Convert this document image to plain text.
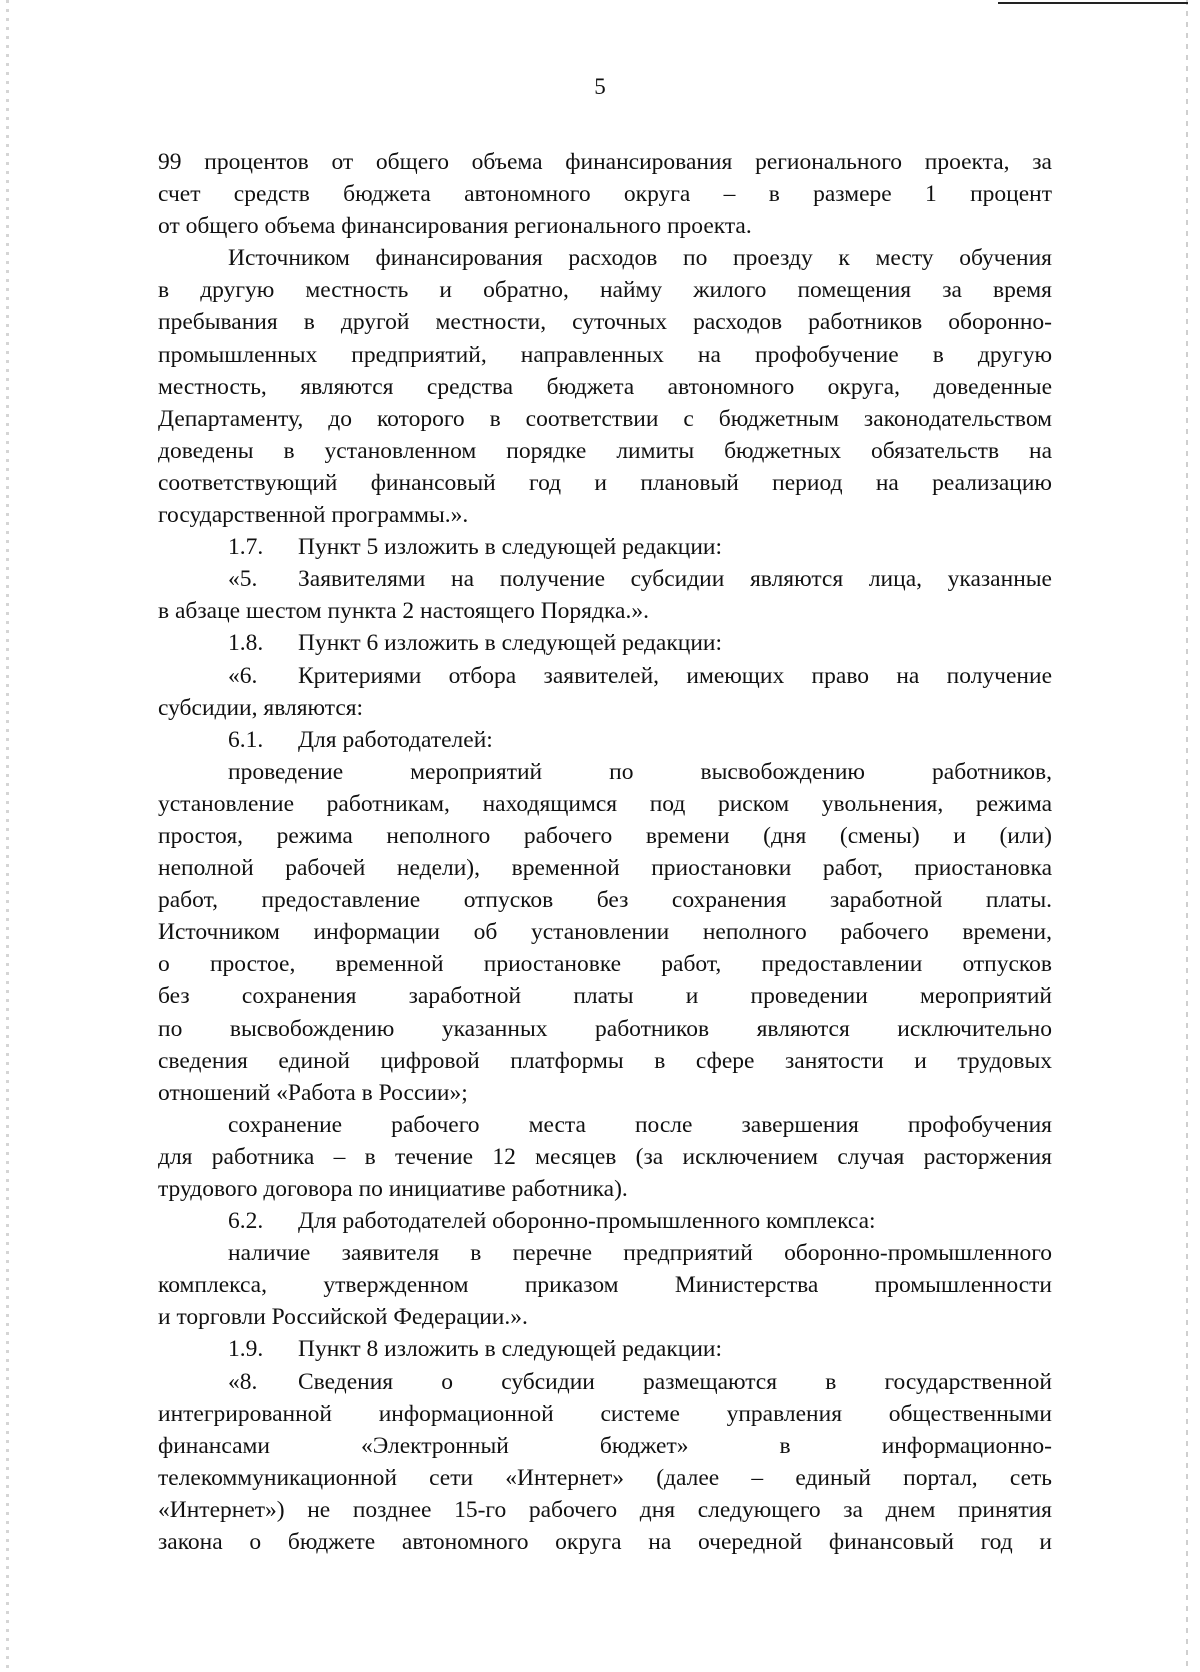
5
99 процентов от общего объема финансирования регионального проекта, за
счет средств бюджета автономного округа – в размере 1 процент
от общего объема финансирования регионального проекта.
Источником финансирования расходов по проезду к месту обучения
в другую местность и обратно, найму жилого помещения за время
пребывания в другой местности, суточных расходов работников оборонно-
промышленных предприятий, направленных на профобучение в другую
местность, являются средства бюджета автономного округа, доведенные
Департаменту, до которого в соответствии с бюджетным законодательством
доведены в установленном порядке лимиты бюджетных обязательств на
соответствующий финансовый год и плановый период на реализацию
государственной программы.».
1.7. Пункт 5 изложить в следующей редакции:
«5. Заявителями на получение субсидии являются лица, указанные
в абзаце шестом пункта 2 настоящего Порядка.».
1.8. Пункт 6 изложить в следующей редакции:
«6. Критериями отбора заявителей, имеющих право на получение
субсидии, являются:
6.1. Для работодателей:
проведение мероприятий по высвобождению работников,
установление работникам, находящимся под риском увольнения, режима
простоя, режима неполного рабочего времени (дня (смены) и (или)
неполной рабочей недели), временной приостановки работ, приостановка
работ, предоставление отпусков без сохранения заработной платы.
Источником информации об установлении неполного рабочего времени,
о простое, временной приостановке работ, предоставлении отпусков
без сохранения заработной платы и проведении мероприятий
по высвобождению указанных работников являются исключительно
сведения единой цифровой платформы в сфере занятости и трудовых
отношений «Работа в России»;
сохранение рабочего места после завершения профобучения
для работника – в течение 12 месяцев (за исключением случая расторжения
трудового договора по инициативе работника).
6.2. Для работодателей оборонно-промышленного комплекса:
наличие заявителя в перечне предприятий оборонно-промышленного
комплекса, утвержденном приказом Министерства промышленности
и торговли Российской Федерации.».
1.9. Пункт 8 изложить в следующей редакции:
«8. Сведения о субсидии размещаются в государственной
интегрированной информационной системе управления общественными
финансами «Электронный бюджет» в информационно-
телекоммуникационной сети «Интернет» (далее – единый портал, сеть
«Интернет») не позднее 15-го рабочего дня следующего за днем принятия
закона о бюджете автономного округа на очередной финансовый год и
